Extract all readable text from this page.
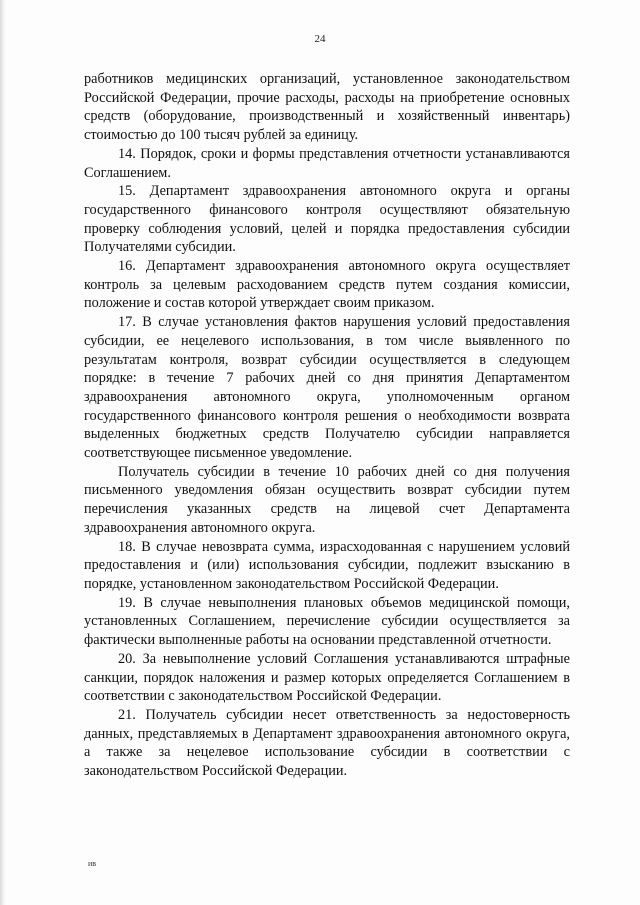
24

работников медицинских организаций, установленное законодательством Российской Федерации, прочие расходы, расходы на приобретение основных средств (оборудование, производственный и хозяйственный инвентарь) стоимостью до 100 тысяч рублей за единицу.

14. Порядок, сроки и формы представления отчетности устанавливаются Соглашением.

15. Департамент здравоохранения автономного округа и органы государственного финансового контроля осуществляют обязательную проверку соблюдения условий, целей и порядка предоставления субсидии Получателями субсидии.

16. Департамент здравоохранения автономного округа осуществляет контроль за целевым расходованием средств путем создания комиссии, положение и состав которой утверждает своим приказом.

17. В случае установления фактов нарушения условий предоставления субсидии, ее нецелевого использования, в том числе выявленного по результатам контроля, возврат субсидии осуществляется в следующем порядке: в течение 7 рабочих дней со дня принятия Департаментом здравоохранения автономного округа, уполномоченным органом государственного финансового контроля решения о необходимости возврата выделенных бюджетных средств Получателю субсидии направляется соответствующее письменное уведомление.

Получатель субсидии в течение 10 рабочих дней со дня получения письменного уведомления обязан осуществить возврат субсидии путем перечисления указанных средств на лицевой счет Департамента здравоохранения автономного округа.

18. В случае невозврата сумма, израсходованная с нарушением условий предоставления и (или) использования субсидии, подлежит взысканию в порядке, установленном законодательством Российской Федерации.

19. В случае невыполнения плановых объемов медицинской помощи, установленных Соглашением, перечисление субсидии осуществляется за фактически выполненные работы на основании представленной отчетности.

20. За невыполнение условий Соглашения устанавливаются штрафные санкции, порядок наложения и размер которых определяется Соглашением в соответствии с законодательством Российской Федерации.

21. Получатель субсидии несет ответственность за недостоверность данных, представляемых в Департамент здравоохранения автономного округа, а также за нецелевое использование субсидии в соответствии с законодательством Российской Федерации.

ив
